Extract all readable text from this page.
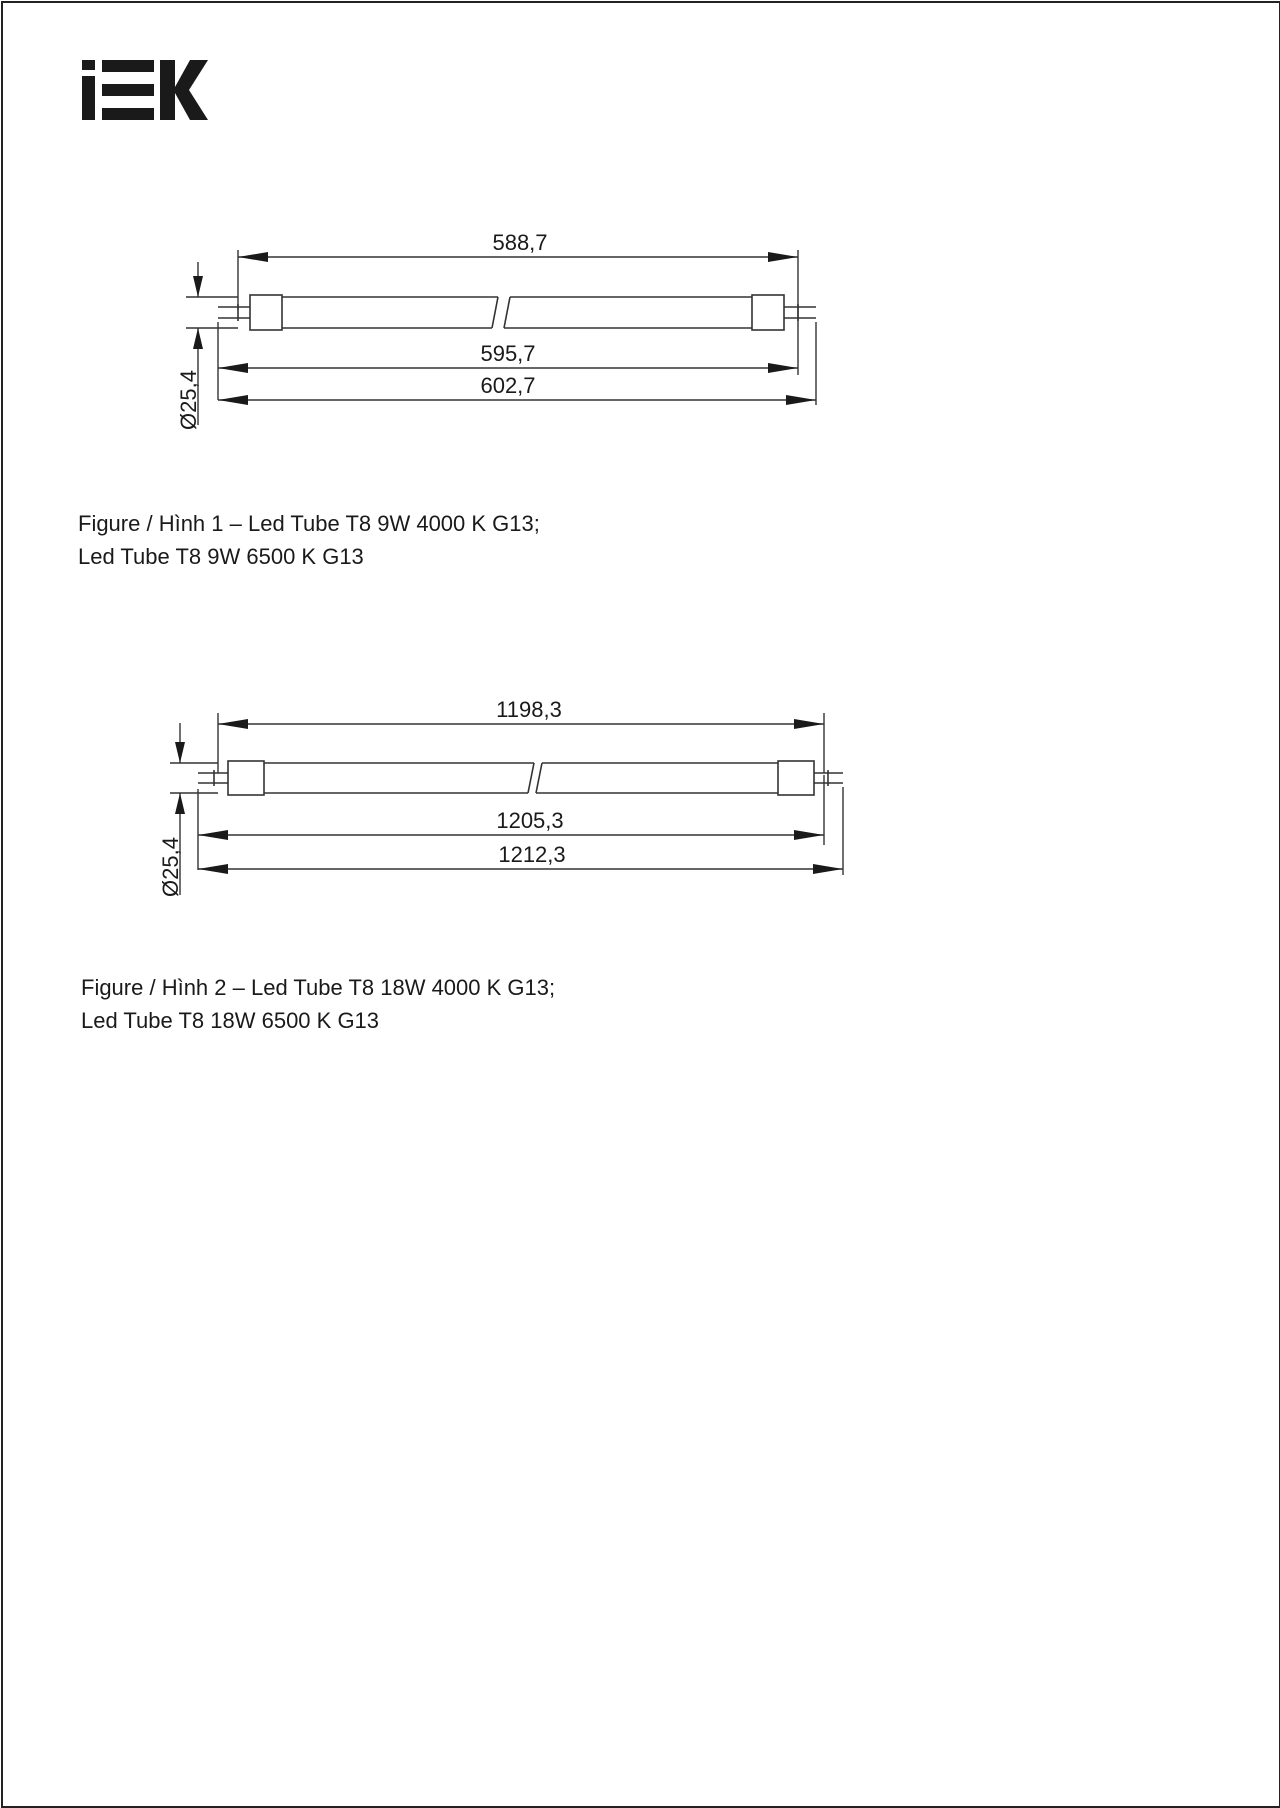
588,7
Ø25,4
595,7
602,7
Figure / Hình 1 – Led Tube T8 9W 4000 K G13;
Led Tube T8 9W 6500 K G13
1198,3
Ø25,4
1205,3
1212,3
Figure / Hình 2 – Led Tube T8 18W 4000 K G13;
Led Tube T8 18W 6500 K G13
